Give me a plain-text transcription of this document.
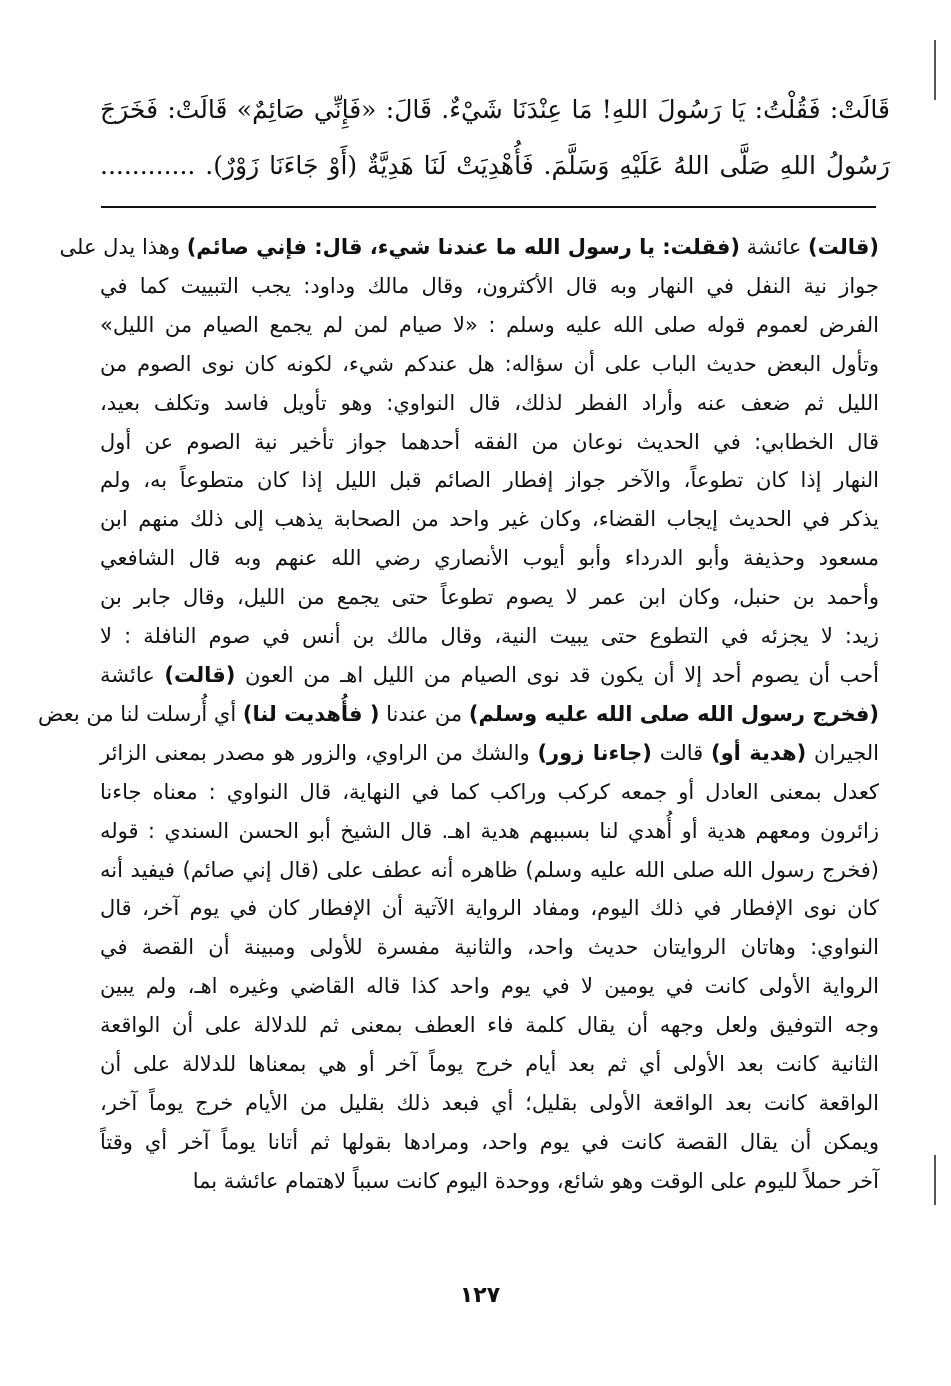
قَالَتْ: فَقُلْتُ: يَا رَسُولَ اللهِ! مَا عِنْدَنَا شَيْءٌ. قَالَ: «فَإِنِّي صَائِمٌ» قَالَتْ: فَخَرَجَ
رَسُولُ اللهِ صَلَّى اللهُ عَلَيْهِ وَسَلَّمَ. فَأُهْدِيَتْ لَنَا هَدِيَّةٌ (أَوْ جَاءَنَا زَوْرٌ). ............
(قالت) عائشة (فقلت: يا رسول الله ما عندنا شيء، قال: فإني صائم) وهذا يدل على
جواز نية النفل في النهار وبه قال الأكثرون، وقال مالك وداود: يجب التبييت كما في
الفرض لعموم قوله صلى الله عليه وسلم : «لا صيام لمن لم يجمع الصيام من الليل»
وتأول البعض حديث الباب على أن سؤاله: هل عندكم شيء، لكونه كان نوى الصوم من
الليل ثم ضعف عنه وأراد الفطر لذلك، قال النواوي: وهو تأويل فاسد وتكلف بعيد،
قال الخطابي: في الحديث نوعان من الفقه أحدهما جواز تأخير نية الصوم عن أول
النهار إذا كان تطوعاً، والآخر جواز إفطار الصائم قبل الليل إذا كان متطوعاً به، ولم
يذكر في الحديث إيجاب القضاء، وكان غير واحد من الصحابة يذهب إلى ذلك منهم ابن
مسعود وحذيفة وأبو الدرداء وأبو أيوب الأنصاري رضي الله عنهم وبه قال الشافعي
وأحمد بن حنبل، وكان ابن عمر لا يصوم تطوعاً حتى يجمع من الليل، وقال جابر بن
زيد: لا يجزئه في التطوع حتى يبيت النية، وقال مالك بن أنس في صوم النافلة : لا
أحب أن يصوم أحد إلا أن يكون قد نوى الصيام من الليل اهـ من العون (قالت) عائشة
(فخرج رسول الله صلى الله عليه وسلم) من عندنا ( فأُهديت لنا) أي أُرسلت لنا من بعض
الجيران (هدية أو) قالت (جاءنا زور) والشك من الراوي، والزور هو مصدر بمعنى الزائر
كعدل بمعنى العادل أو جمعه كركب وراكب كما في النهاية، قال النواوي : معناه جاءنا
زائرون ومعهم هدية أو أُهدي لنا بسببهم هدية اهـ. قال الشيخ أبو الحسن السندي : قوله
(فخرج رسول الله صلى الله عليه وسلم) ظاهره أنه عطف على (قال إني صائم) فيفيد أنه
كان نوى الإفطار في ذلك اليوم، ومفاد الرواية الآتية أن الإفطار كان في يوم آخر، قال
النواوي: وهاتان الروايتان حديث واحد، والثانية مفسرة للأولى ومبينة أن القصة في
الرواية الأولى كانت في يومين لا في يوم واحد كذا قاله القاضي وغيره اهـ، ولم يبين
وجه التوفيق ولعل وجهه أن يقال كلمة فاء العطف بمعنى ثم للدلالة على أن الواقعة
الثانية كانت بعد الأولى أي ثم بعد أيام خرج يوماً آخر أو هي بمعناها للدلالة على أن
الواقعة كانت بعد الواقعة الأولى بقليل؛ أي فبعد ذلك بقليل من الأيام خرج يوماً آخر،
ويمكن أن يقال القصة كانت في يوم واحد، ومرادها بقولها ثم أتانا يوماً آخر أي وقتاً
آخر حملاً لليوم على الوقت وهو شائع، ووحدة اليوم كانت سبباً لاهتمام عائشة بما
١٢٧
